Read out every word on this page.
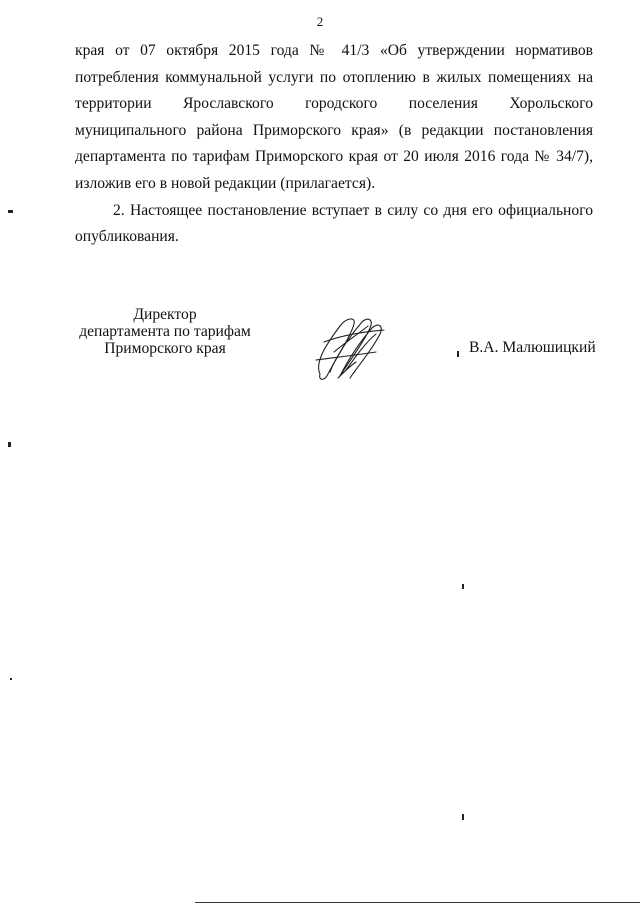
2

края от 07 октября 2015 года № 41/3 «Об утверждении нормативов потребления коммунальной услуги по отоплению в жилых помещениях на территории Ярославского городского поселения Хорольского муниципального района Приморского края» (в редакции постановления департамента по тарифам Приморского края от 20 июля 2016 года № 34/7), изложив его в новой редакции (прилагается).

2. Настоящее постановление вступает в силу со дня его официального опубликования.

Директор
департамента по тарифам
Приморского края	В.А. Малюшицкий
